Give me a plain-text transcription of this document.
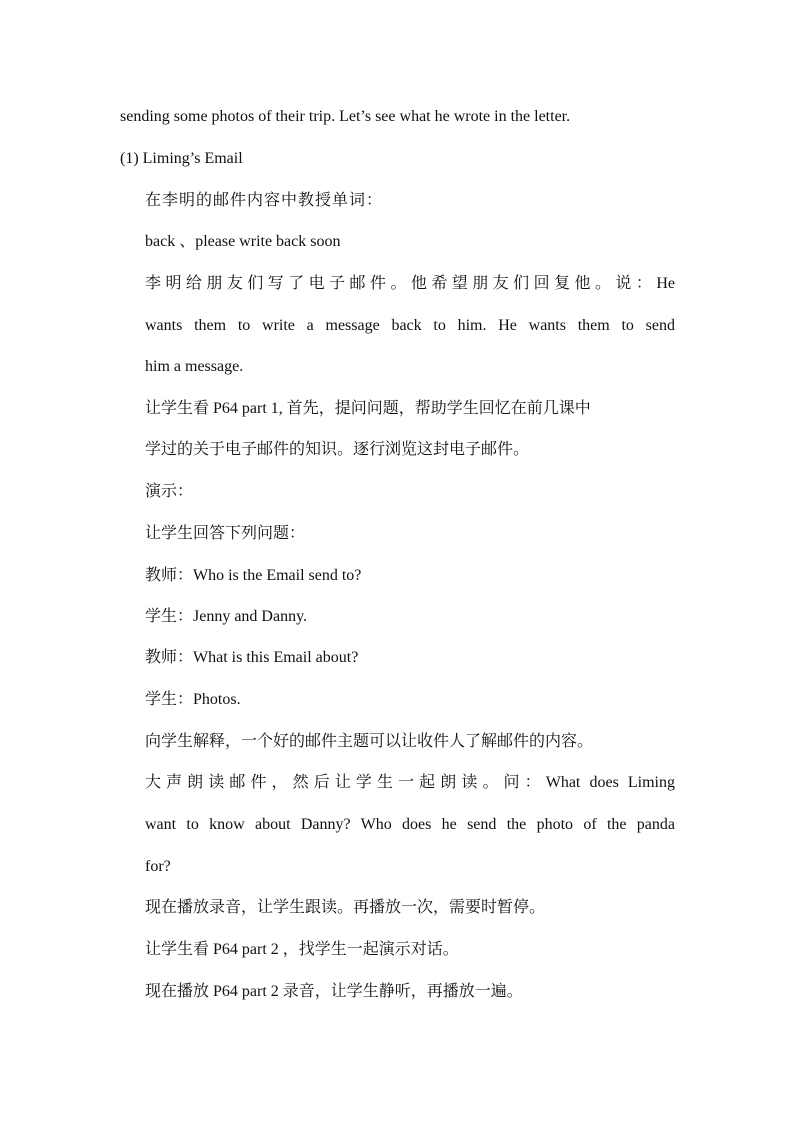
sending some photos of their trip. Let’s see what he wrote in the letter.
(1) Liming’s Email
在李明的邮件内容中教授单词：
back 、please write back soon
李明给朋友们写了电子邮件。他希望朋友们回复他。说：He
wants them to write a message back to him. He wants them to send
him a message.
让学生看 P64 part 1, 首先，提问问题，帮助学生回忆在前几课中
学过的关于电子邮件的知识。逐行浏览这封电子邮件。
演示：
让学生回答下列问题：
教师：Who is the Email send to?
学生：Jenny and Danny.
教师：What is this Email about?
学生：Photos.
向学生解释，一个好的邮件主题可以让收件人了解邮件的内容。
大声朗读邮件，然后让学生一起朗读。问：What does Liming
want to know about Danny? Who does he send the photo of the panda
for?
现在播放录音，让学生跟读。再播放一次，需要时暂停。
让学生看 P64 part 2 ，找学生一起演示对话。
现在播放 P64 part 2 录音，让学生静听，再播放一遍。
